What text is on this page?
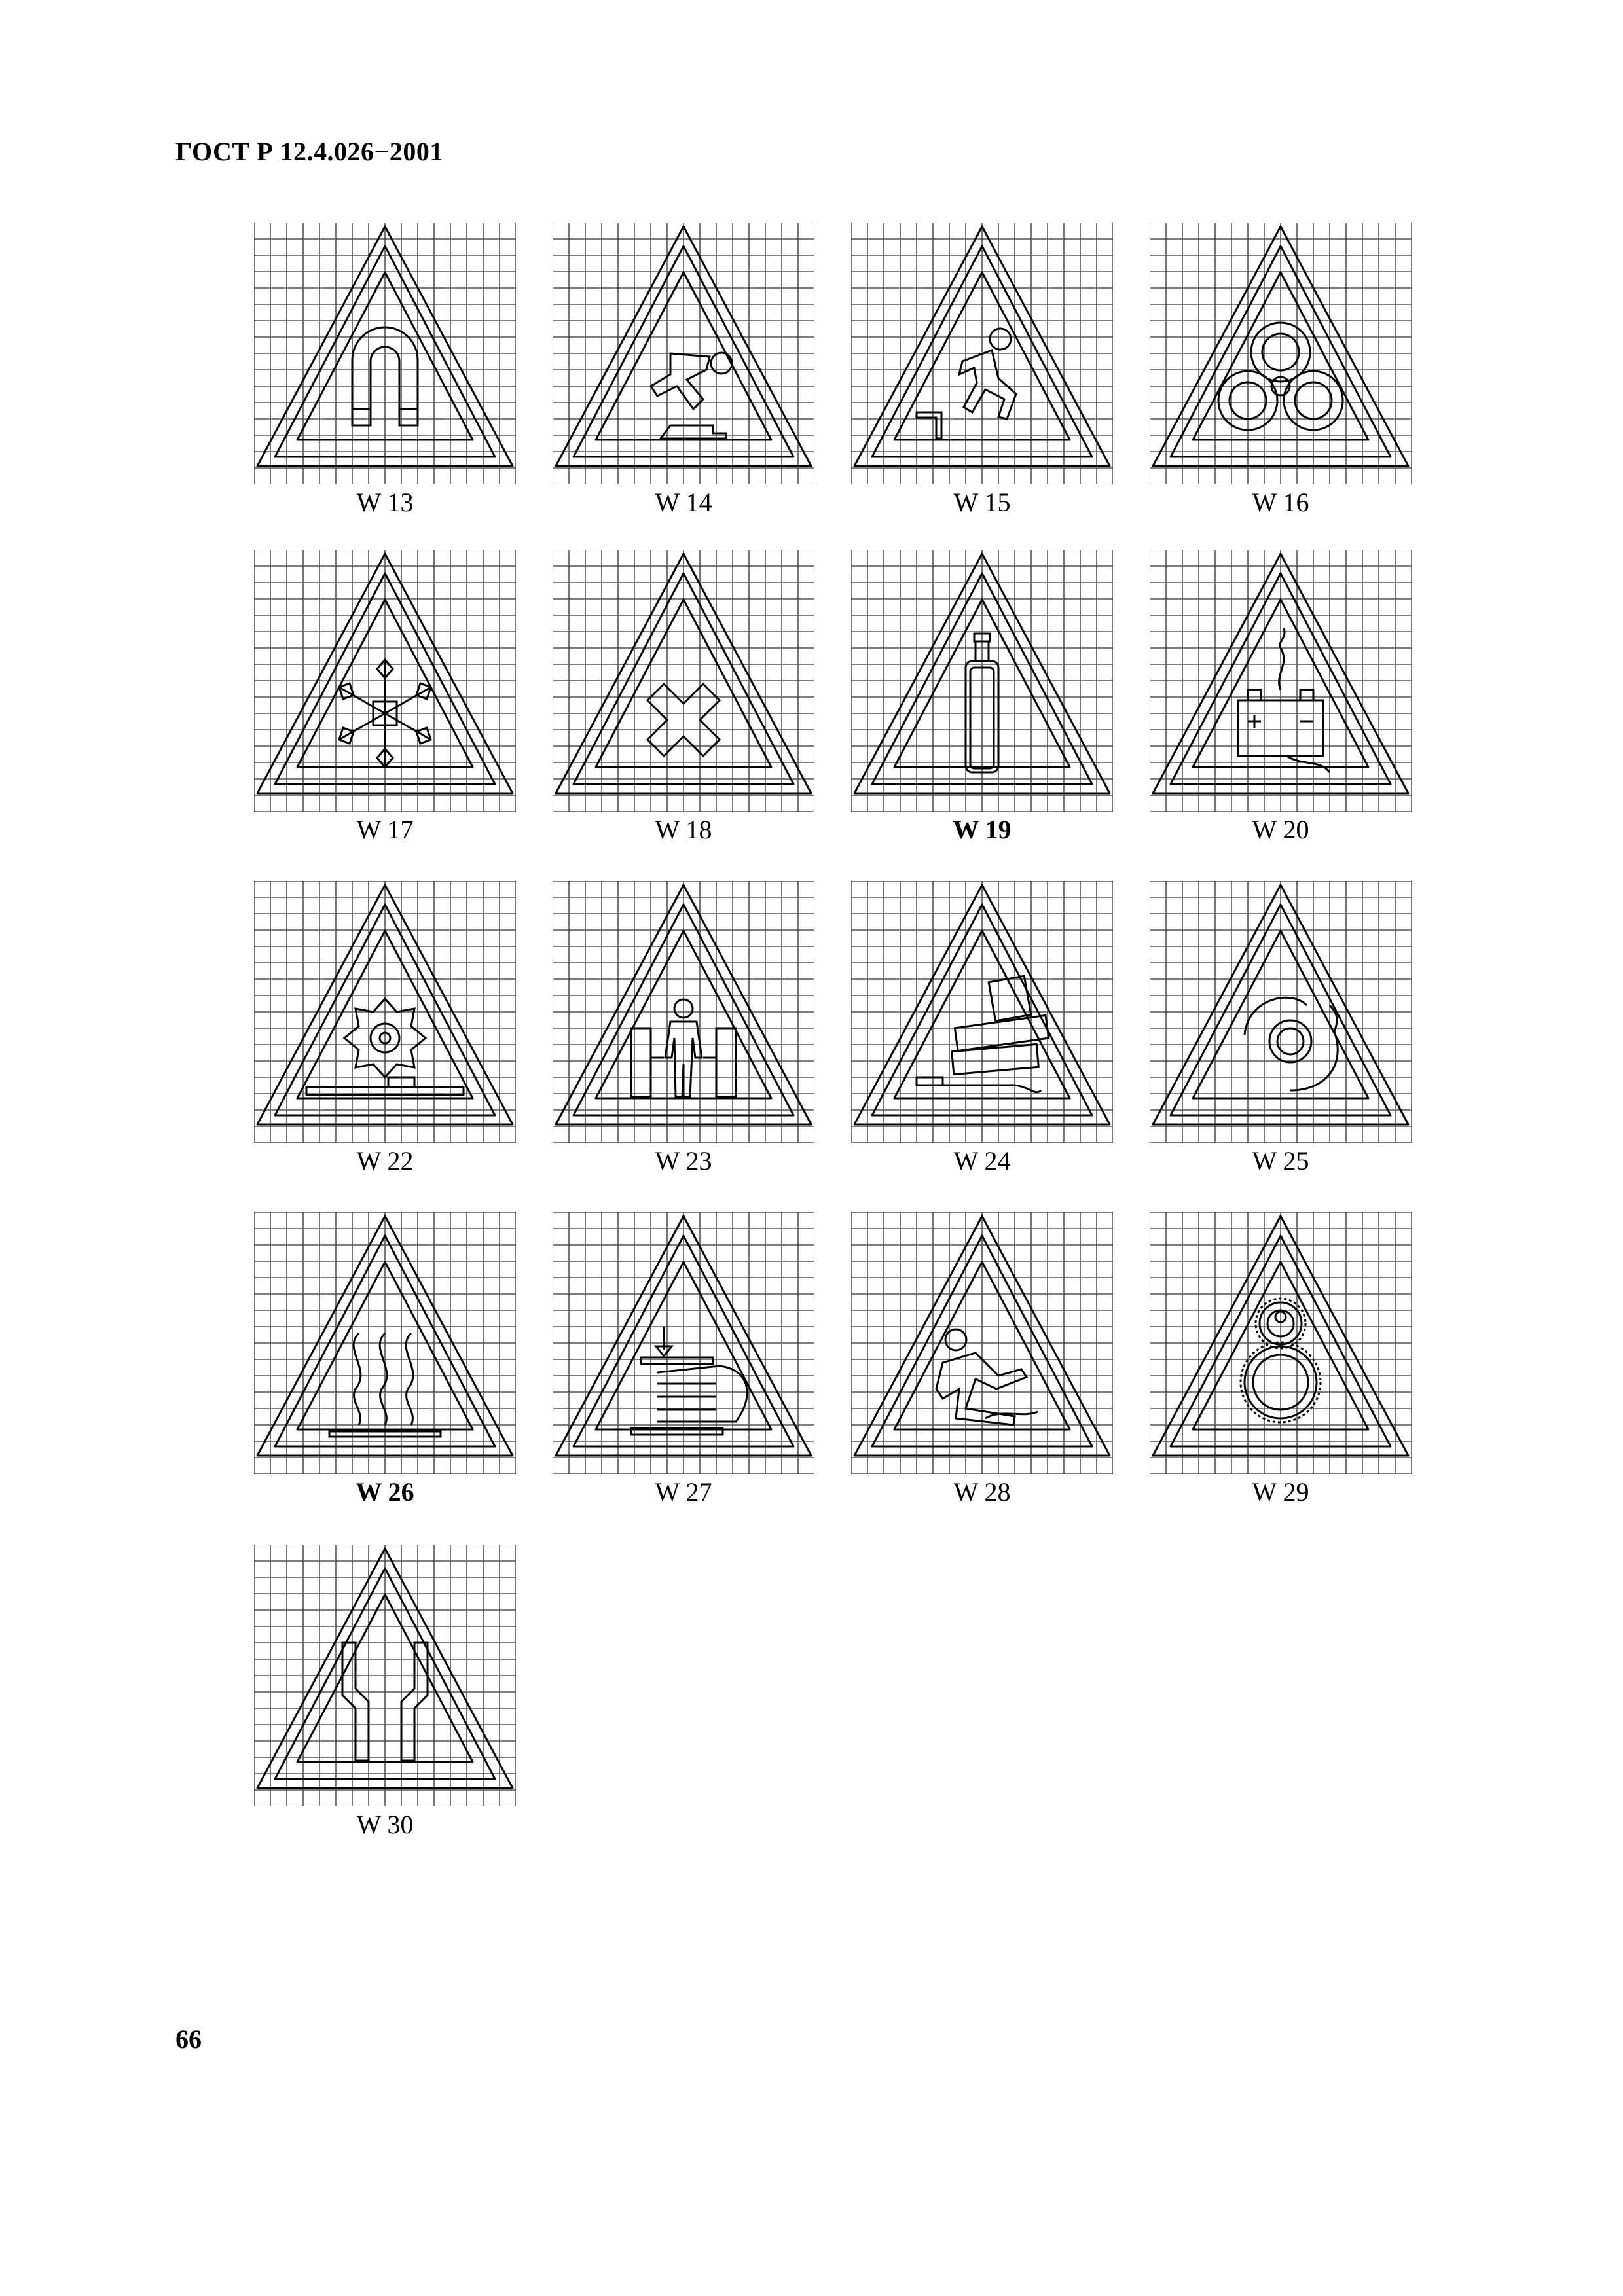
ГОСТ Р 12.4.026−2001
W 13	W 14	W 15	W 16
W 17	W 18	W 19	W 20
W 22	W 23	W 24	W 25
W 26	W 27	W 28	W 29
W 30
66
